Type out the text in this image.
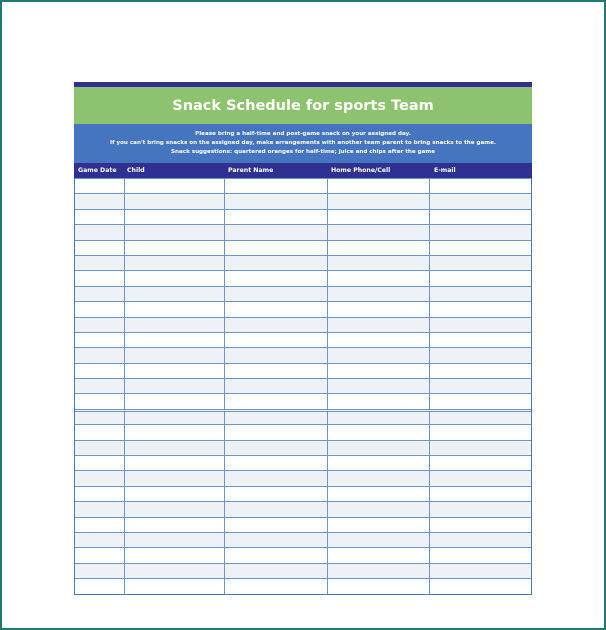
Snack Schedule for sports Team
Please bring a half-time and post-game snack on your assigned day.
If you can't bring snacks on the assigned day, make arrangements with another team parent to bring snacks to the game.
Snack suggestions: quartered oranges for half-time; juice and chips after the game
Game Date	Child	Parent Name	Home Phone/Cell	E-mail
